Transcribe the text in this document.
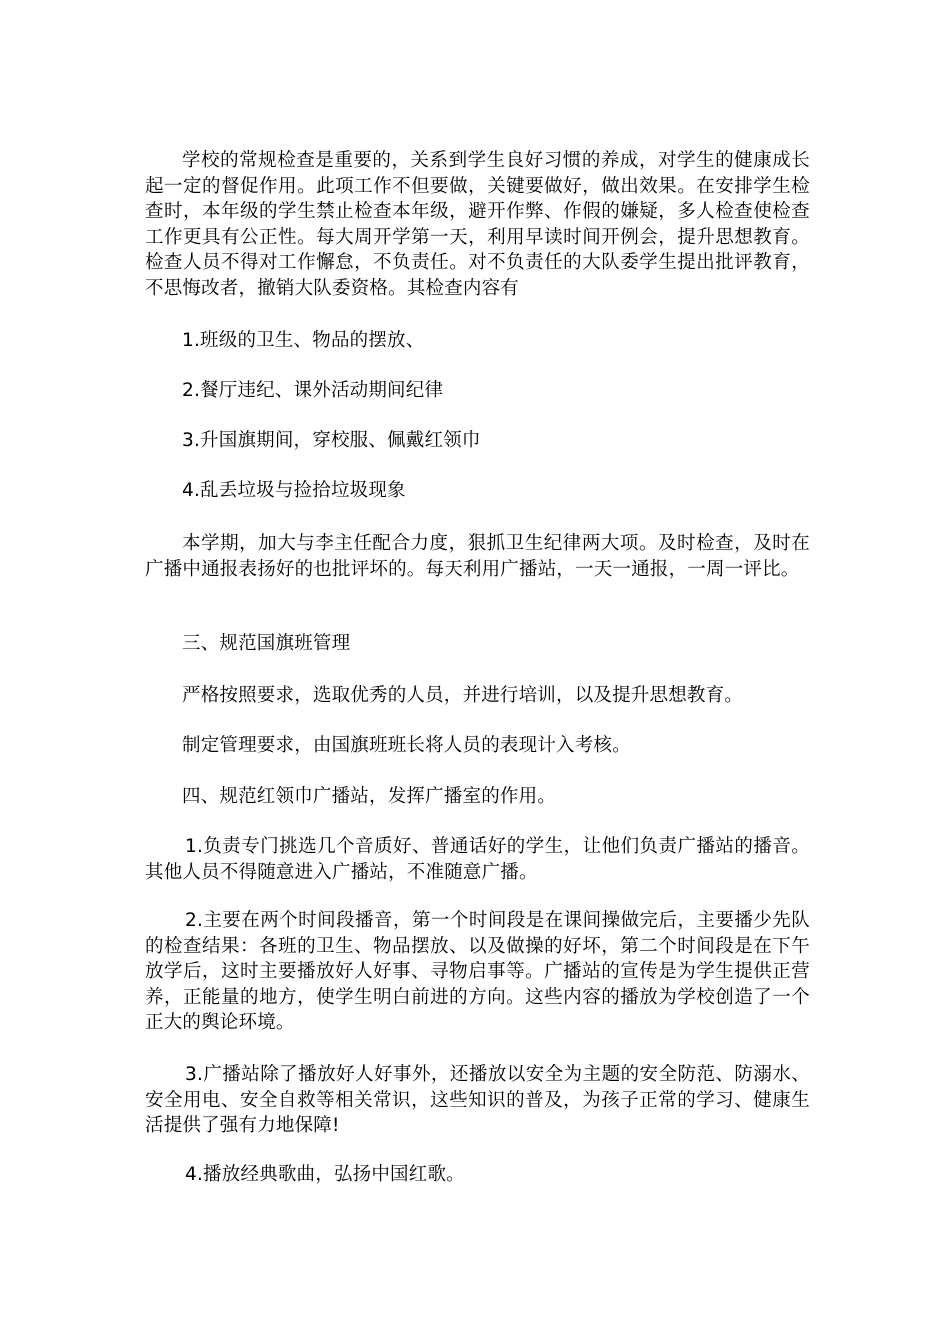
学校的常规检查是重要的，关系到学生良好习惯的养成，对学生的健康成长起一定的督促作用。此项工作不但要做，关键要做好，做出效果。在安排学生检查时，本年级的学生禁止检查本年级，避开作弊、作假的嫌疑，多人检查使检查工作更具有公正性。每大周开学第一天，利用早读时间开例会，提升思想教育。检查人员不得对工作懈怠，不负责任。对不负责任的大队委学生提出批评教育，不思悔改者，撤销大队委资格。其检查内容有

1.班级的卫生、物品的摆放、

2.餐厅违纪、课外活动期间纪律

3.升国旗期间，穿校服、佩戴红领巾

4.乱丢垃圾与捡拾垃圾现象

本学期，加大与李主任配合力度，狠抓卫生纪律两大项。及时检查，及时在广播中通报表扬好的也批评坏的。每天利用广播站，一天一通报，一周一评比。

三、规范国旗班管理

严格按照要求，选取优秀的人员，并进行培训，以及提升思想教育。

制定管理要求，由国旗班班长将人员的表现计入考核。

四、规范红领巾广播站，发挥广播室的作用。

1.负责专门挑选几个音质好、普通话好的学生，让他们负责广播站的播音。其他人员不得随意进入广播站，不准随意广播。

2.主要在两个时间段播音，第一个时间段是在课间操做完后，主要播少先队的检查结果：各班的卫生、物品摆放、以及做操的好坏，第二个时间段是在下午放学后，这时主要播放好人好事、寻物启事等。广播站的宣传是为学生提供正营养，正能量的地方，使学生明白前进的方向。这些内容的播放为学校创造了一个正大的舆论环境。

3.广播站除了播放好人好事外，还播放以安全为主题的安全防范、防溺水、安全用电、安全自救等相关常识，这些知识的普及，为孩子正常的学习、健康生活提供了强有力地保障!

4.播放经典歌曲，弘扬中国红歌。
